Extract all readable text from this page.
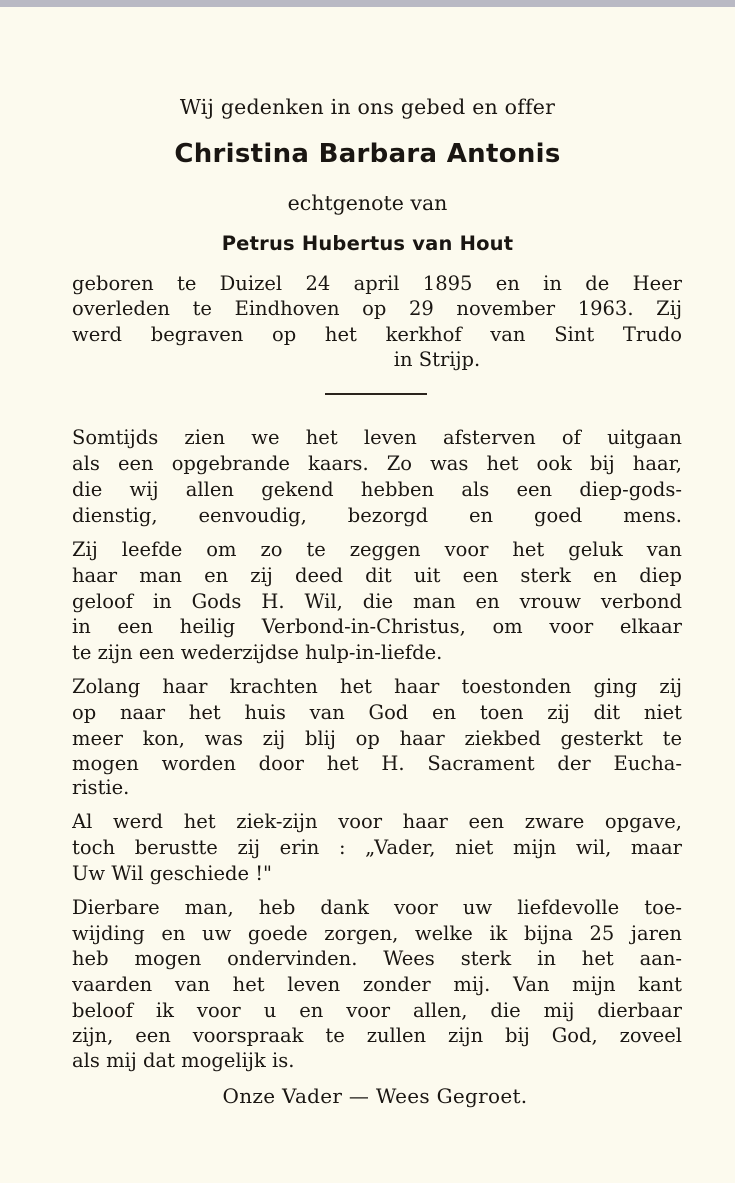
Wij gedenken in ons gebed en offer
Christina Barbara Antonis
echtgenote van
Petrus Hubertus van Hout
geboren te Duizel 24 april 1895 en in de Heer
overleden te Eindhoven op 29 november 1963. Zij
werd begraven op het kerkhof van Sint Trudo
in Strijp.
Somtijds zien we het leven afsterven of uitgaan
als een opgebrande kaars. Zo was het ook bij haar,
die wij allen gekend hebben als een diep-gods-
dienstig, eenvoudig, bezorgd en goed mens.
Zij leefde om zo te zeggen voor het geluk van
haar man en zij deed dit uit een sterk en diep
geloof in Gods H. Wil, die man en vrouw verbond
in een heilig Verbond-in-Christus, om voor elkaar
te zijn een wederzijdse hulp-in-liefde.
Zolang haar krachten het haar toestonden ging zij
op naar het huis van God en toen zij dit niet
meer kon, was zij blij op haar ziekbed gesterkt te
mogen worden door het H. Sacrament der Eucha-
ristie.
Al werd het ziek-zijn voor haar een zware opgave,
toch berustte zij erin : „Vader, niet mijn wil, maar
Uw Wil geschiede !"
Dierbare man, heb dank voor uw liefdevolle toe-
wijding en uw goede zorgen, welke ik bijna 25 jaren
heb mogen ondervinden. Wees sterk in het aan-
vaarden van het leven zonder mij. Van mijn kant
beloof ik voor u en voor allen, die mij dierbaar
zijn, een voorspraak te zullen zijn bij God, zoveel
als mij dat mogelijk is.
Onze Vader — Wees Gegroet.
